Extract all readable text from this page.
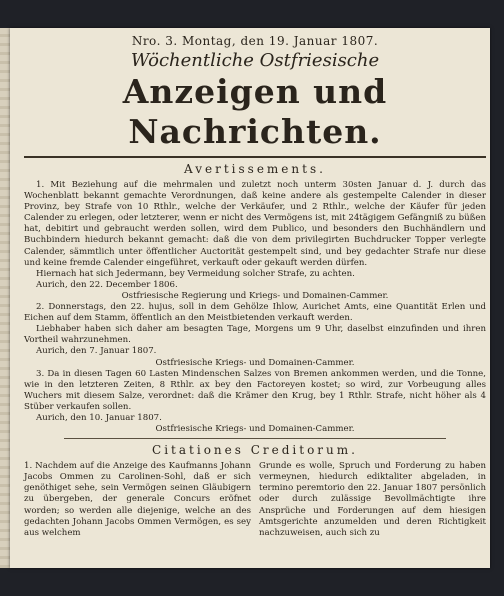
Nro. 3. Montag, den 19. Januar 1807.

Wöchentliche Ostfriesische

Anzeigen und Nachrichten.

Avertissements.

1. Mit Beziehung auf die mehrmalen und zuletzt noch unterm 30sten Januar d. J. durch das Wochenblatt bekannt gemachte Verordnungen, daß keine andere als gestempelte Calender in dieser Provinz, bey Strafe von 10 Rthlr., welche der Verkäufer, und 2 Rthlr., welche der Käufer für jeden Calender zu erlegen, oder letzterer, wenn er nicht des Vermögens ist, mit 24tägigem Gefängniß zu büßen hat, debitirt und gebraucht werden sollen, wird dem Publico, und besonders den Buchhändlern und Buchbindern hiedurch bekannt gemacht: daß die von dem privilegirten Buchdrucker Topper verlegte Calender, sämmtlich unter öffentlicher Auctorität gestempelt sind, und bey gedachter Strafe nur diese und keine fremde Calender eingeführet, verkauft oder gekauft werden dürfen.

Hiernach hat sich Jedermann, bey Vermeidung solcher Strafe, zu achten.

Aurich, den 22. December 1806.

Ostfriesische Regierung und Kriegs- und Domainen-Cammer.

2. Donnerstags, den 22. hujus, soll in dem Gehölze Ihlow, Aurichet Amts, eine Quantität Erlen und Eichen auf dem Stamm, öffentlich an den Meistbietenden verkauft werden.

Liebhaber haben sich daher am besagten Tage, Morgens um 9 Uhr, daselbst einzufinden und ihren Vortheil wahrzunehmen.

Aurich, den 7. Januar 1807.

Ostfriesische Kriegs- und Domainen-Cammer.

3. Da in diesen Tagen 60 Lasten Mindenschen Salzes von Bremen ankommen werden, und die Tonne, wie in den letzteren Zeiten, 8 Rthlr. ax bey den Factoreyen kostet; so wird, zur Vorbeugung alles Wuchers mit diesem Salze, verordnet: daß die Krämer den Krug, bey 1 Rthlr. Strafe, nicht höher als 4 Stüber verkaufen sollen.

Aurich, den 10. Januar 1807.

Ostfriesische Kriegs- und Domainen-Cammer.

Citationes Creditorum.
1. Nachdem auf die Anzeige des Kaufmanns Johann Jacobs Ommen zu Carolinen-Sohl, daß er sich genöthiget sehe, sein Vermögen seinen Gläubigern zu übergeben, der generale Concurs eröfnet worden; so werden alle diejenige, welche an des gedachten Johann Jacobs Ommen Vermögen, es sey aus welchem
Grunde es wolle, Spruch und Forderung zu haben vermeynen, hiedurch ediktaliter abgeladen, in termino peremtorio den 22. Januar 1807 persönlich oder durch zulässige Bevollmächtigte ihre Ansprüche und Forderungen auf dem hiesigen Amtsgerichte anzumelden und deren Richtigkeit nachzuweisen, auch sich zu
